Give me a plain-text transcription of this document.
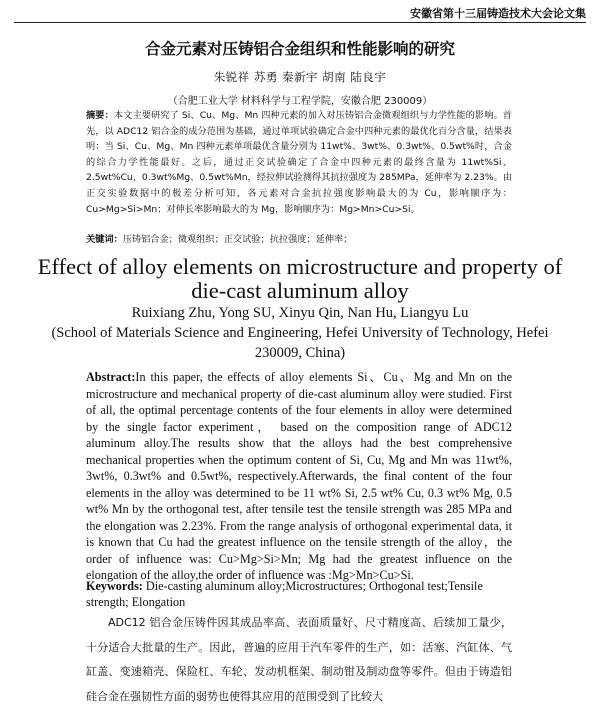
安徽省第十三届铸造技术大会论文集
合金元素对压铸铝合金组织和性能影响的研究
朱锐祥 苏勇 秦新宇 胡南 陆良宇
（合肥工业大学 材料科学与工程学院，安徽合肥 230009）
摘要：本文主要研究了 Si、Cu、Mg、Mn 四种元素的加入对压铸铝合金微观组织与力学性能的影响。首先，以 ADC12 铝合金的成分范围为基础，通过单项试验确定合金中四种元素的最优化百分含量，结果表明：当 Si、Cu、Mg、Mn 四种元素单项最优含量分别为 11wt%、3wt%、0.3wt%、0.5wt%时，合金的综合力学性能最好。之后，通过正交试验确定了合金中四种元素的最终含量为 11wt%Si、2.5wt%Cu、0.3wt%Mg、0.5wt%Mn，经拉伸试验测得其抗拉强度为 285MPa，延伸率为 2.23%。由正交实验数据中的极差分析可知，各元素对合金抗拉强度影响最大的为 Cu，影响顺序为：Cu>Mg>Si>Mn；对伸长率影响最大的为 Mg，影响顺序为：Mg>Mn>Cu>Si。
关键词：压铸铝合金；微观组织；正交试验；抗拉强度；延伸率；
Effect of alloy elements on microstructure and property of die-cast aluminum alloy
Ruixiang Zhu, Yong SU, Xinyu Qin, Nan Hu, Liangyu Lu
(School of Materials Science and Engineering, Hefei University of Technology, Hefei 230009, China)
Abstract:In this paper, the effects of alloy elements Si、Cu、Mg and Mn on the microstructure and mechanical property of die-cast aluminum alloy were studied. First of all, the optimal percentage contents of the four elements in alloy were determined by the single factor experiment， based on the composition range of ADC12 aluminum alloy.The results show that the alloys had the best comprehensive mechanical properties when the optimum content of Si, Cu, Mg and Mn was 11wt%, 3wt%, 0.3wt% and 0.5wt%, respectively.Afterwards, the final content of the four elements in the alloy was determined to be 11 wt% Si, 2.5 wt% Cu, 0.3 wt% Mg, 0.5 wt% Mn by the orthogonal test, after tensile test the tensile strength was 285 MPa and the elongation was 2.23%. From the range analysis of orthogonal experimental data, it is known that Cu had the greatest influence on the tensile strength of the alloy，the order of influence was: Cu>Mg>Si>Mn; Mg had the greatest influence on the elongation of the alloy,the order of influence was :Mg>Mn>Cu>Si.
Keywords: Die-casting aluminum alloy;Microstructures; Orthogonal test;Tensile strength; Elongation
ADC12 铝合金压铸件因其成品率高、表面质量好、尺寸精度高、后续加工量少，十分适合大批量的生产。因此，普遍的应用于汽车零件的生产，如：活塞、汽缸体、气缸盖、变速箱壳、保险杠、车轮、发动机框架、制动钳及制动盘等零件。但由于铸造铝硅合金在强韧性方面的弱势也使得其应用的范围受到了比较大
